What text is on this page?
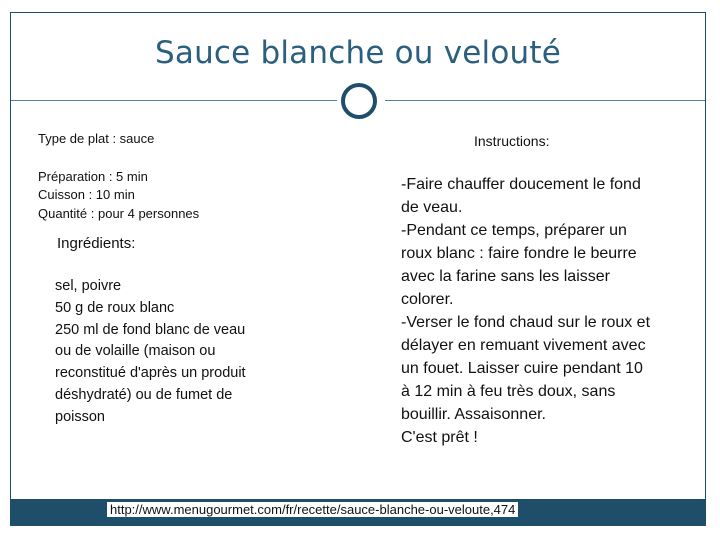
Sauce blanche ou velouté
Type de plat : sauce
Préparation : 5 min
Cuisson : 10 min
Quantité : pour 4 personnes
Ingrédients:
sel, poivre
50 g de roux blanc
250 ml de fond blanc de veau
ou de volaille (maison ou
reconstitué d'après un produit
déshydraté) ou de fumet de
poisson
Instructions:
-Faire chauffer doucement le fond
de veau.
-Pendant ce temps, préparer un
roux blanc : faire fondre le beurre
avec la farine sans les laisser
colorer.
-Verser le fond chaud sur le roux et
délayer en remuant vivement avec
un fouet. Laisser cuire pendant 10
à 12 min à feu très doux, sans
bouillir. Assaisonner.
C'est prêt !
http://www.menugourmet.com/fr/recette/sauce-blanche-ou-veloute,474
